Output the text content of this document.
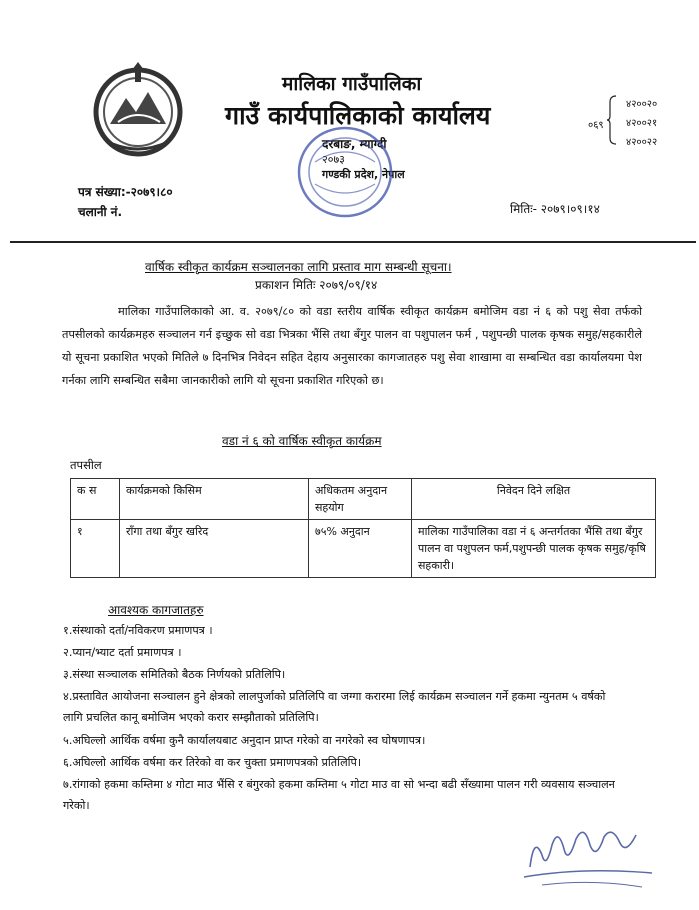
मालिका गाउँपालिका
गाउँ कार्यपालिकाको कार्यालय
दरबाङ, म्याग्दी
२०७३
गण्डकी प्रदेश, नेपाल
०६९
४२००२०
४२००२१
४२००२२
पत्र संख्या:-२०७९।८०
चलानी नं.	मितिः- २०७९।०९।१४
वार्षिक स्वीकृत कार्यक्रम सञ्चालनका लागि प्रस्ताव माग सम्बन्धी सूचना।
प्रकाशन मितिः २०७९/०९/१४
मालिका गाउँपालिकाको आ. व. २०७९/८० को वडा स्तरीय वार्षिक स्वीकृत कार्यक्रम बमोजिम वडा नं ६ को पशु सेवा तर्फको तपसीलको कार्यक्रमहरु सञ्चालन गर्न इच्छुक सो वडा भित्रका भैंसि तथा बँगुर पालन वा पशुपालन फर्म , पशुपन्छी पालक कृषक समुह/सहकारीले यो सूचना प्रकाशित भएको मितिले ७ दिनभित्र निवेदन सहित देहाय अनुसारका कागजातहरु पशु सेवा शाखामा वा सम्बन्धित वडा कार्यालयमा पेश गर्नका लागि सम्बन्धित सबैमा जानकारीको लागि यो सूचना प्रकाशित गरिएको छ।
वडा नं ६ को वार्षिक स्वीकृत कार्यक्रम
तपसील
क स	कार्यक्रमको किसिम	अधिकतम अनुदान सहयोग	निवेदन दिने लक्षित
१	राँगा तथा बँगुर खरिद	७५% अनुदान	मालिका गाउँपालिका वडा नं ६ अन्तर्गतका भैंसि तथा बँगुर पालन वा पशुपलन फर्म,पशुपन्छी पालक कृषक समुह/कृषि सहकारी।
आवश्यक कागजातहरु
१.संस्थाको दर्ता/नविकरण प्रमाणपत्र ।
२.प्यान/भ्याट दर्ता प्रमाणपत्र ।
३.संस्था सञ्चालक समितिको बैठक निर्णयको प्रतिलिपि।
४.प्रस्तावित आयोजना सञ्चालन हुने क्षेत्रको लालपुर्जाको प्रतिलिपि वा जग्गा करारमा लिई कार्यक्रम सञ्चालन गर्ने हकमा न्युनतम ५ वर्षको लागि प्रचलित कानू बमोजिम भएको करार सम्झौताको प्रतिलिपि।
५.अघिल्लो आर्थिक वर्षमा कुनै कार्यालयबाट अनुदान प्राप्त गरेको वा नगरेको स्व घोषणापत्र।
६.अघिल्लो आर्थिक वर्षमा कर तिरेको वा कर चुक्ता प्रमाणपत्रको प्रतिलिपि।
७.रांगाको हकमा कम्तिमा ४ गोटा माउ भैंसि र बंगुरको हकमा कम्तिमा ५ गोटा माउ वा सो भन्दा बढी सँख्यामा पालन गरी व्यवसाय सञ्चालन गरेको।
